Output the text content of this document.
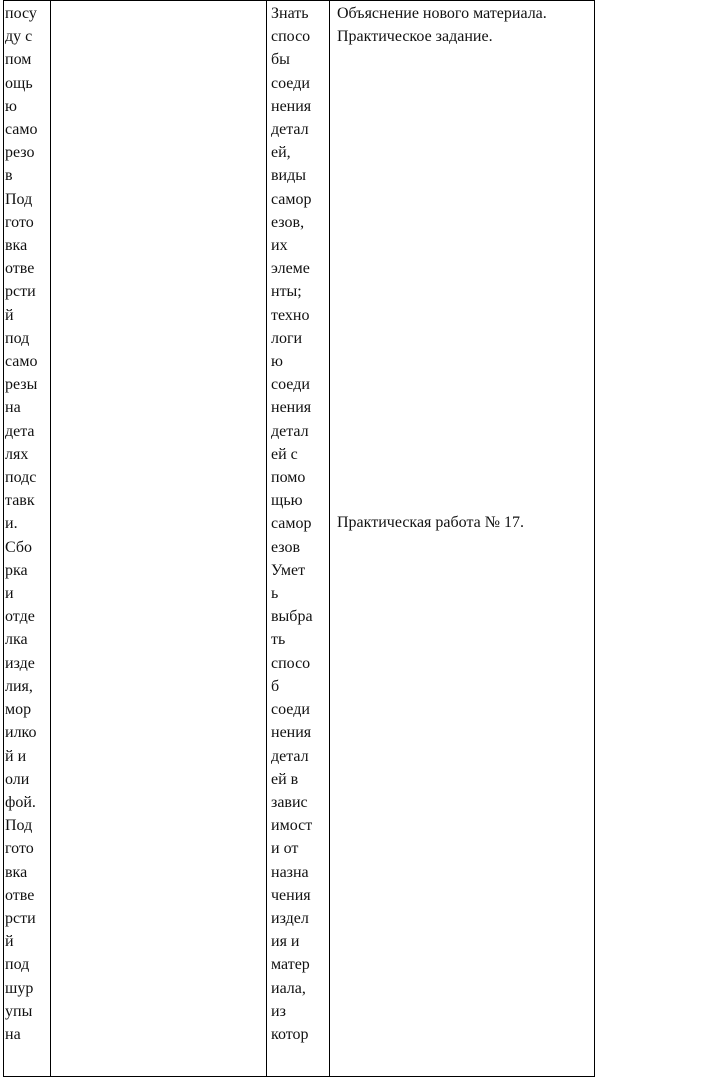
посу
ду с
пом
ощь
ю
само
резо
в
Под
гото
вка
отве
рсти
й
под
само
резы
на
дета
лях
подс
тавк
и.
Сбо
рка
и
отде
лка
изде
лия,
мор
илко
й и
оли
фой.
Под
гото
вка
отве
рсти
й
под
шур
упы
на
Знать
спосо
бы
соеди
нения
детал
ей,
виды
самор
езов,
их
элеме
нты;
техно
логи
ю
соеди
нения
детал
ей с
помо
щью
самор
езов
Умет
ь
выбра
ть
спосо
б
соеди
нения
детал
ей в
завис
имост
и от
назна
чения
издел
ия и
матер
иала,
из
котор
Объяснение нового материала.
Практическое задание.
Практическая работа № 17.
